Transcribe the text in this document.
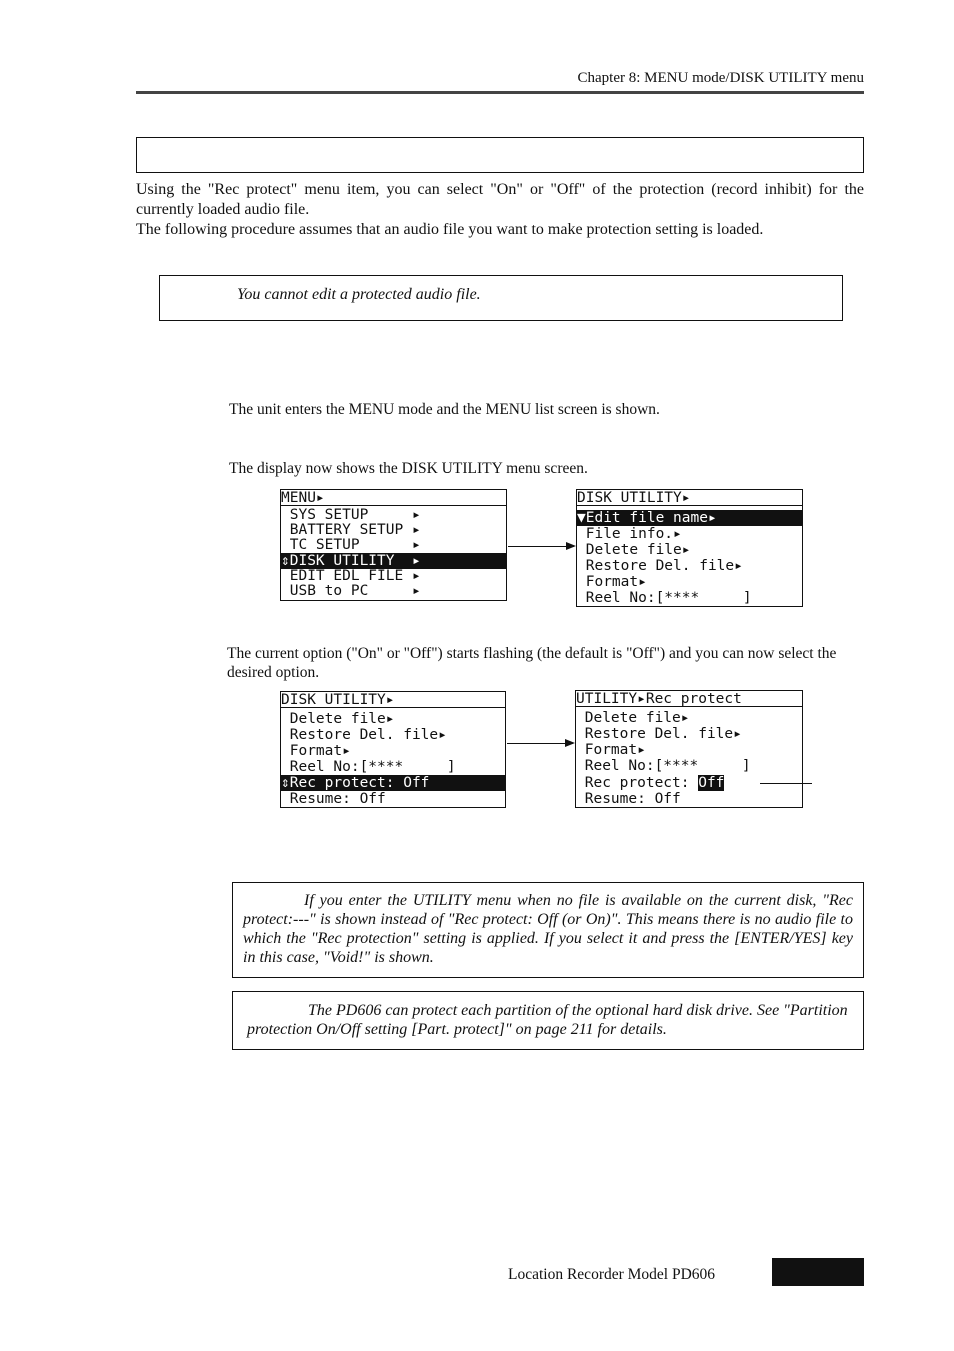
Chapter 8: MENU mode/DISK UTILITY menu
Using the "Rec protect" menu item, you can select "On" or "Off" of the protection (record inhibit) for the currently loaded audio file.
The following procedure assumes that an audio file you want to make protection setting is loaded.
You cannot edit a protected audio file.
The unit enters the MENU mode and the MENU list screen is shown.
The display now shows the DISK UTILITY menu screen.
MENU▸
SYS SETUP     ▸
BATTERY SETUP ▸
TC SETUP      ▸
⇕DISK UTILITY  ▸
EDIT EDL FILE ▸
USB to PC     ▸
DISK UTILITY▸
▼Edit file name▸
File info.▸
Delete file▸
Restore Del. file▸
Format▸
Reel No:[****     ]
The current option ("On" or "Off") starts flashing (the default is "Off") and you can now select the desired option.
DISK UTILITY▸
Delete file▸
Restore Del. file▸
Format▸
Reel No:[****     ]
⇕Rec protect: Off
Resume: Off
UTILITY▸Rec protect
Delete file▸
Restore Del. file▸
Format▸
Reel No:[****     ]
Rec protect: Off
Resume: Off
If you enter the UTILITY menu when no file is available on the current disk, "Rec protect:---" is shown instead of "Rec protect: Off (or On)". This means there is no audio file to which the "Rec protection" setting is applied. If you select it and press the [ENTER/YES] key in this case, "Void!" is shown.
The PD606 can protect each partition of the optional hard disk drive. See "Partition protection On/Off setting [Part. protect]" on page 211 for details.
Location Recorder Model PD606
